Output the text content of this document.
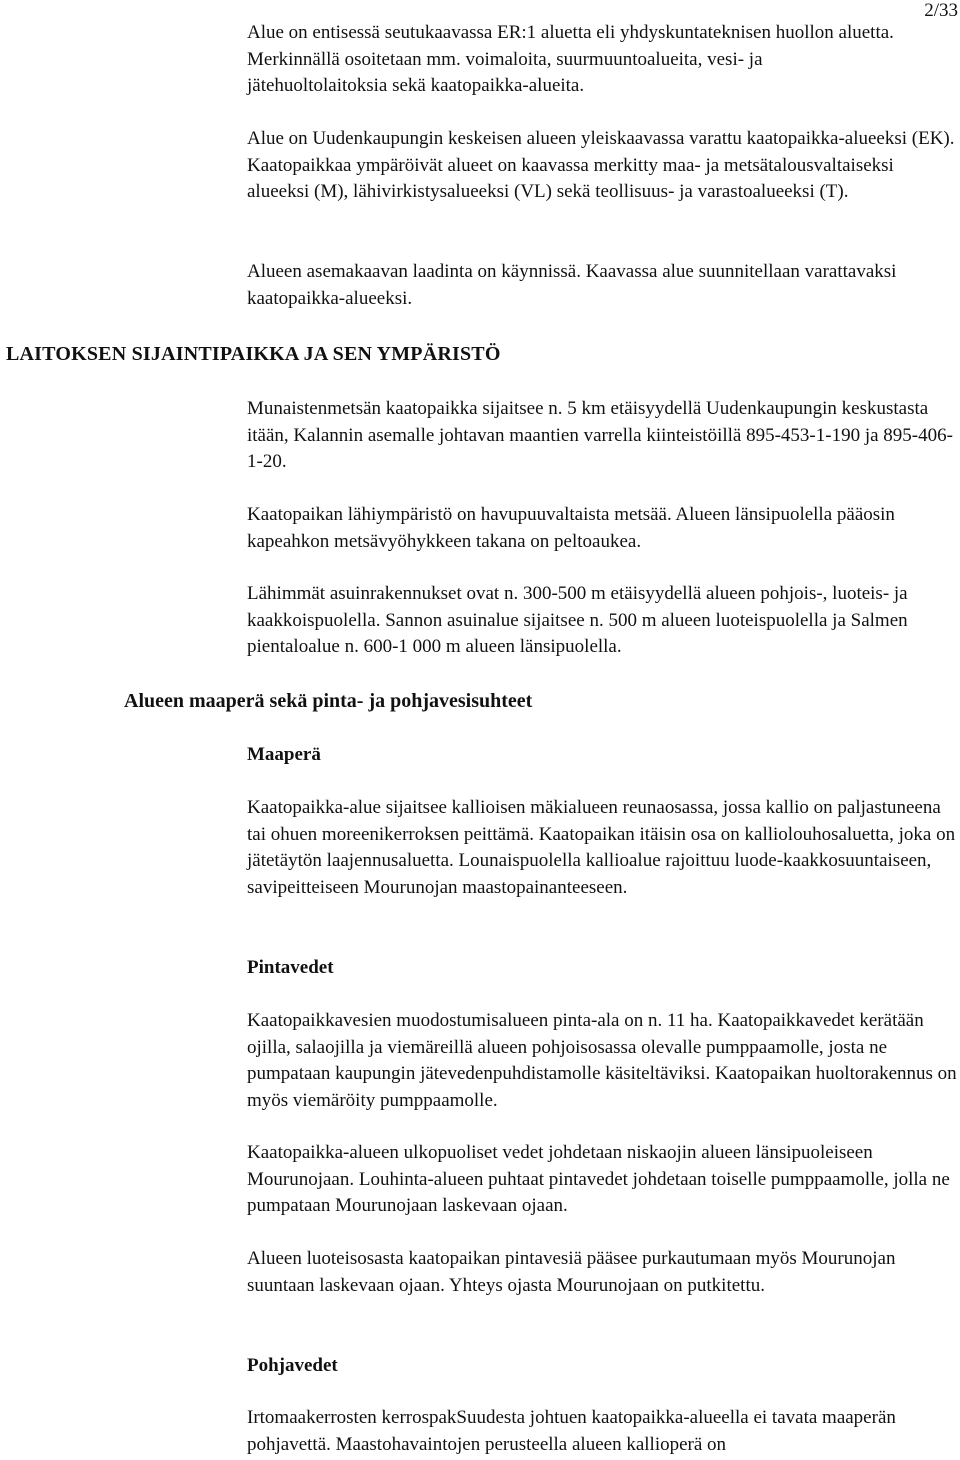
2/33

Alue on entisessä seutukaavassa ER:1 aluetta eli yhdyskuntateknisen huollon aluetta. Merkinnällä osoitetaan mm. voimaloita, suurmuuntoalueita, vesi- ja jätehuoltolaitoksia sekä kaatopaikka-alueita.

Alue on Uudenkaupungin keskeisen alueen yleiskaavassa varattu kaatopaikka-alueeksi (EK). Kaatopaikkaa ympäröivät alueet on kaavassa merkitty maa- ja metsätalousvaltaiseksi alueeksi (M), lähivirkistysalueeksi (VL) sekä teollisuus- ja varastoalueeksi (T).

Alueen asemakaavan laadinta on käynnissä. Kaavassa alue suunnitellaan varattavaksi kaatopaikka-alueeksi.

LAITOKSEN SIJAINTIPAIKKA JA SEN YMPÄRISTÖ

Munaistenmetsän kaatopaikka sijaitsee n. 5 km etäisyydellä Uudenkaupungin keskustasta itään, Kalannin asemalle johtavan maantien varrella kiinteistöillä 895-453-1-190 ja 895-406-1-20.

Kaatopaikan lähiympäristö on havupuuvaltaista metsää. Alueen länsipuolella pääosin kapeahkon metsävyöhykkeen takana on peltoaukea.

Lähimmät asuinrakennukset ovat n. 300-500 m etäisyydellä alueen pohjois-, luoteis- ja kaakkoispuolella. Sannon asuinalue sijaitsee n. 500 m alueen luoteispuolella ja Salmen pientaloalue n. 600-1 000 m alueen länsipuolella.

Alueen maaperä sekä pinta- ja pohjavesisuhteet
Maaperä

Kaatopaikka-alue sijaitsee kallioisen mäkialueen reunaosassa, jossa kallio on paljastuneena tai ohuen moreenikerroksen peittämä. Kaatopaikan itäisin osa on kalliolouhosaluetta, joka on jätetäytön laajennusaluetta. Lounaispuolella kallioalue rajoittuu luode-kaakkosuuntaiseen, savipeitteiseen Mourunojan maastopainanteeseen.

Pintavedet

Kaatopaikkavesien muodostumisalueen pinta-ala on n. 11 ha. Kaatopaikkavedet kerätään ojilla, salaojilla ja viemäreillä alueen pohjoisosassa olevalle pumppaamolle, josta ne pumpataan kaupungin jätevedenpuhdistamolle käsiteltäviksi. Kaatopaikan huoltorakennus on myös viemäröity pumppaamolle.

Kaatopaikka-alueen ulkopuoliset vedet johdetaan niskaojin alueen länsipuoleiseen Mourunojaan. Louhinta-alueen puhtaat pintavedet johdetaan toiselle pumppaamolle, jolla ne pumpataan Mourunojaan laskevaan ojaan.

Alueen luoteisosasta kaatopaikan pintavesiä pääsee purkautumaan myös Mourunojan suuntaan laskevaan ojaan. Yhteys ojasta Mourunojaan on putkitettu.

Pohjavedet

Irtomaakerrosten kerrospakSuudesta johtuen kaatopaikka-alueella ei tavata maaperän pohjavettä. Maastohavaintojen perusteella alueen kallioperä on
